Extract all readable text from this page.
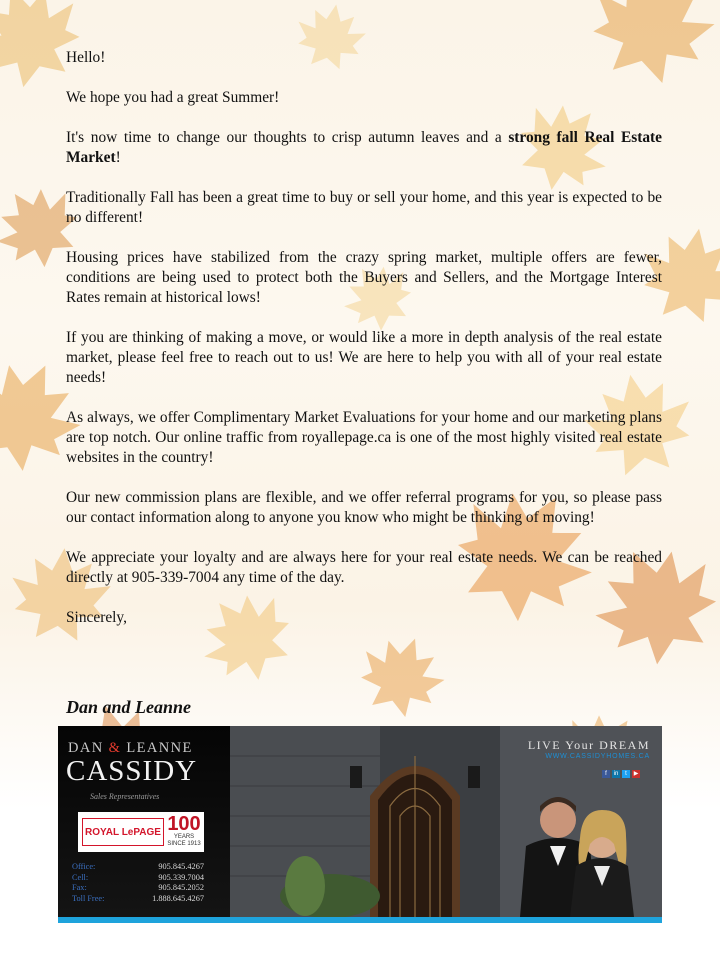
Hello!

We hope you had a great Summer!

It's now time to change our thoughts to crisp autumn leaves and a strong fall Real Estate Market!

Traditionally Fall has been a great time to buy or sell your home, and this year is expected to be no different!

Housing prices have stabilized from the crazy spring market, multiple offers are fewer, conditions are being used to protect both the Buyers and Sellers, and the Mortgage Interest Rates remain at historical lows!

If you are thinking of making a move, or would like a more in depth analysis of the real estate market, please feel free to reach out to us! We are here to help you with all of your real estate needs!

As always, we offer Complimentary Market Evaluations for your home and our marketing plans are top notch. Our online traffic from royallepage.ca is one of the most highly visited real estate websites in the country!

Our new commission plans are flexible, and we offer referral programs for you, so please pass our contact information along to anyone you know who might be thinking of moving!

We appreciate your loyalty and are always here for your real estate needs. We can be reached directly at 905-339-7004 any time of the day.

Sincerely,

Dan and Leanne
DAN & LEANNE
CASSIDY
Sales Representatives
ROYAL LePAGE 100
YEARS
SINCE 1913
Office:	905.845.4267
Cell:	905.339.7004
Fax:	905.845.2052
Toll Free:	1.888.645.4267
LIVE Your DREAM
WWW.CASSIDYHOMES.CA
f	in	t	▶
